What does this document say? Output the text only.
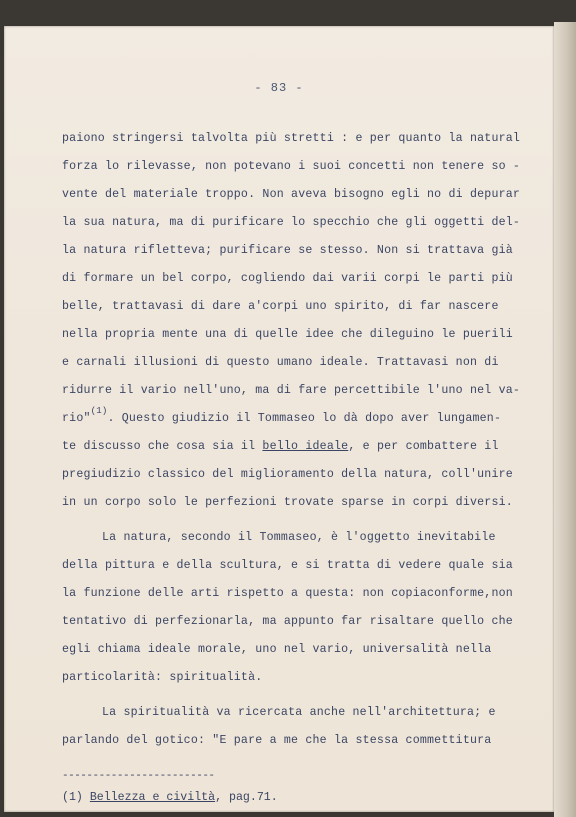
- 83 -
paiono stringersi talvolta più stretti : e per quanto la natural
forza lo rilevasse, non potevano i suoi concetti non tenere so -
vente del materiale troppo. Non aveva bisogno egli no di depurar
la sua natura, ma di purificare lo specchio che gli oggetti del-
la natura rifletteva; purificare se stesso. Non si trattava già
di formare un bel corpo, cogliendo dai varii corpi le parti più
belle, trattavasi di dare a'corpi uno spirito, di far nascere
nella propria mente una di quelle idee che dileguino le puerili
e carnali illusioni di questo umano ideale. Trattavasi non di
ridurre il vario nell'uno, ma di fare percettibile l'uno nel va-
rio"$^{(1)}$. Questo giudizio il Tommaseo lo dà dopo aver lungamen-
te discusso che cosa sia il bello ideale, e per combattere il
pregiudizio classico del miglioramento della natura, coll'unire
in un corpo solo le perfezioni trovate sparse in corpi diversi.
La natura, secondo il Tommaseo, è l'oggetto inevitabile
della pittura e della scultura, e si tratta di vedere quale sia
la funzione delle arti rispetto a questa: non copiaconforme,non
tentativo di perfezionarla, ma appunto far risaltare quello che
egli chiama ideale morale, uno nel vario, universalità nella
particolarità: spiritualità.
La spiritualità va ricercata anche nell'architettura; e
parlando del gotico: "E pare a me che la stessa commettitura
-------------------------
(1) Bellezza e civiltà, pag.71.
